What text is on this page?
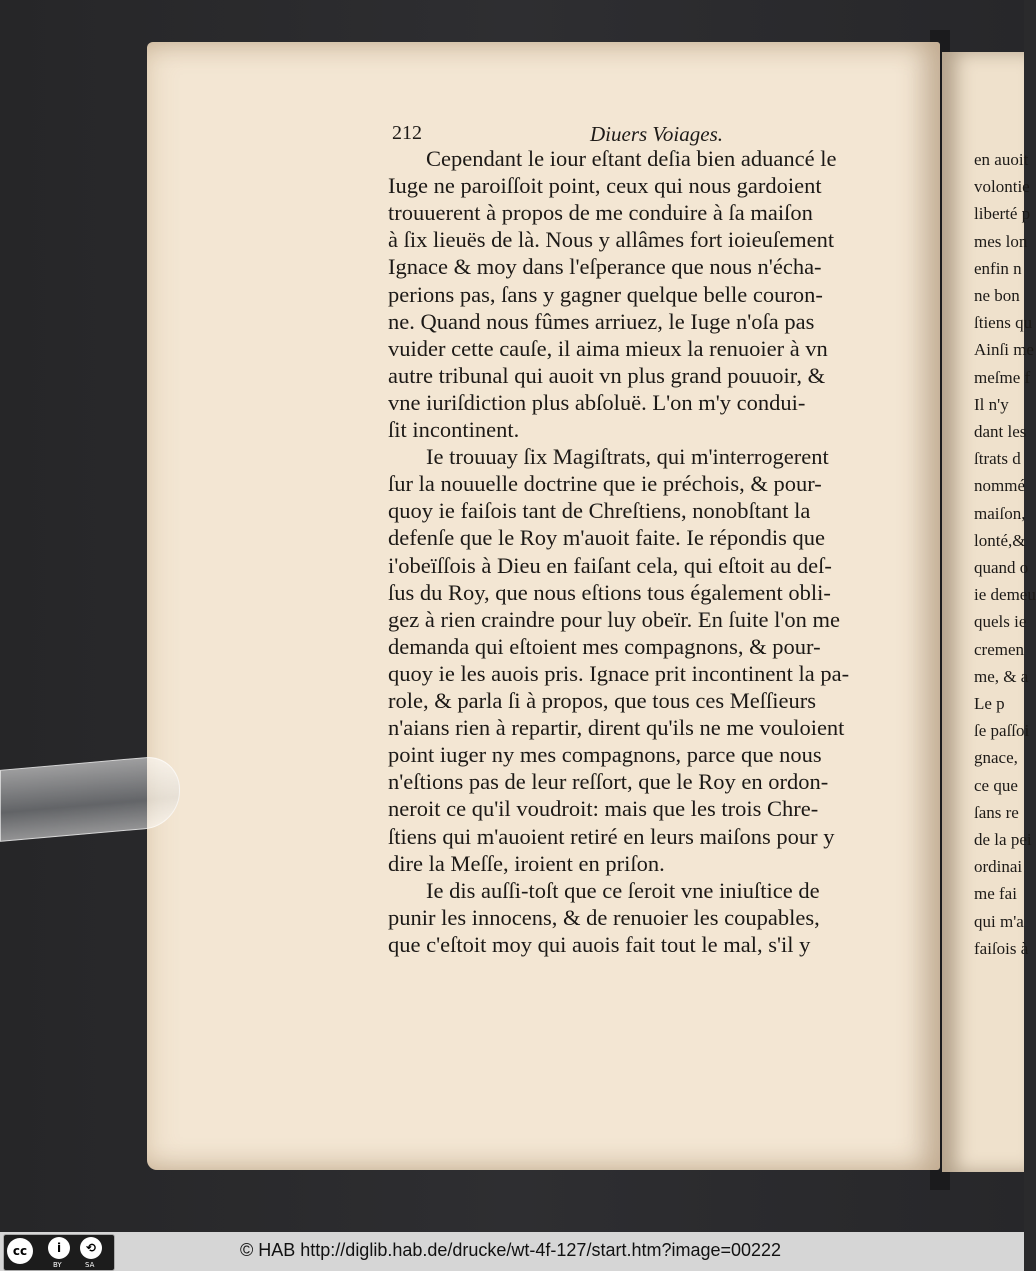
en auoit
volontie
liberté p
mes lon
enfin n
ne bon
ſtiens qu
Ainſi me
meſme f
Il n'y
dant les
ſtrats d
nommé
maiſon,
lonté,&
quand o
ie demeu
quels ie
cremen
me, & a
Le p
ſe paſſoi
gnace,
ce que
ſans re
de la pei
ordinai
me fai
qui m'a
faiſois à
212	Diuers Voiages.
Cependant le iour eſtant deſia bien aduancé le
Iuge ne paroiſſoit point, ceux qui nous gardoient
trouuerent à propos de me conduire à ſa maiſon
à ſix lieuës de là. Nous y allâmes fort ioieuſement
Ignace & moy dans l'eſperance que nous n'écha-
perions pas, ſans y gagner quelque belle couron-
ne. Quand nous fûmes arriuez, le Iuge n'oſa pas
vuider cette cauſe, il aima mieux la renuoier à vn
autre tribunal qui auoit vn plus grand pouuoir, &
vne iuriſdiction plus abſoluë. L'on m'y condui-
ſit incontinent.
Ie trouuay ſix Magiſtrats, qui m'interrogerent
ſur la nouuelle doctrine que ie préchois, & pour-
quoy ie faiſois tant de Chreſtiens, nonobſtant la
defenſe que le Roy m'auoit faite. Ie répondis que
i'obeïſſois à Dieu en faiſant cela, qui eſtoit au deſ-
ſus du Roy, que nous eſtions tous également obli-
gez à rien craindre pour luy obeïr. En ſuite l'on me
demanda qui eſtoient mes compagnons, & pour-
quoy ie les auois pris. Ignace prit incontinent la pa-
role, & parla ſi à propos, que tous ces Meſſieurs
n'aians rien à repartir, dirent qu'ils ne me vouloient
point iuger ny mes compagnons, parce que nous
n'eſtions pas de leur reſſort, que le Roy en ordon-
neroit ce qu'il voudroit: mais que les trois Chre-
ſtiens qui m'auoient retiré en leurs maiſons pour y
dire la Meſſe, iroient en priſon.
Ie dis auſſi-toſt que ce ſeroit vne iniuſtice de
punir les innocens, & de renuoier les coupables,
que c'eſtoit moy qui auois fait tout le mal, s'il y
cc	i	⟲
BY	SA
© HAB http://diglib.hab.de/drucke/wt-4f-127/start.htm?image=00222
